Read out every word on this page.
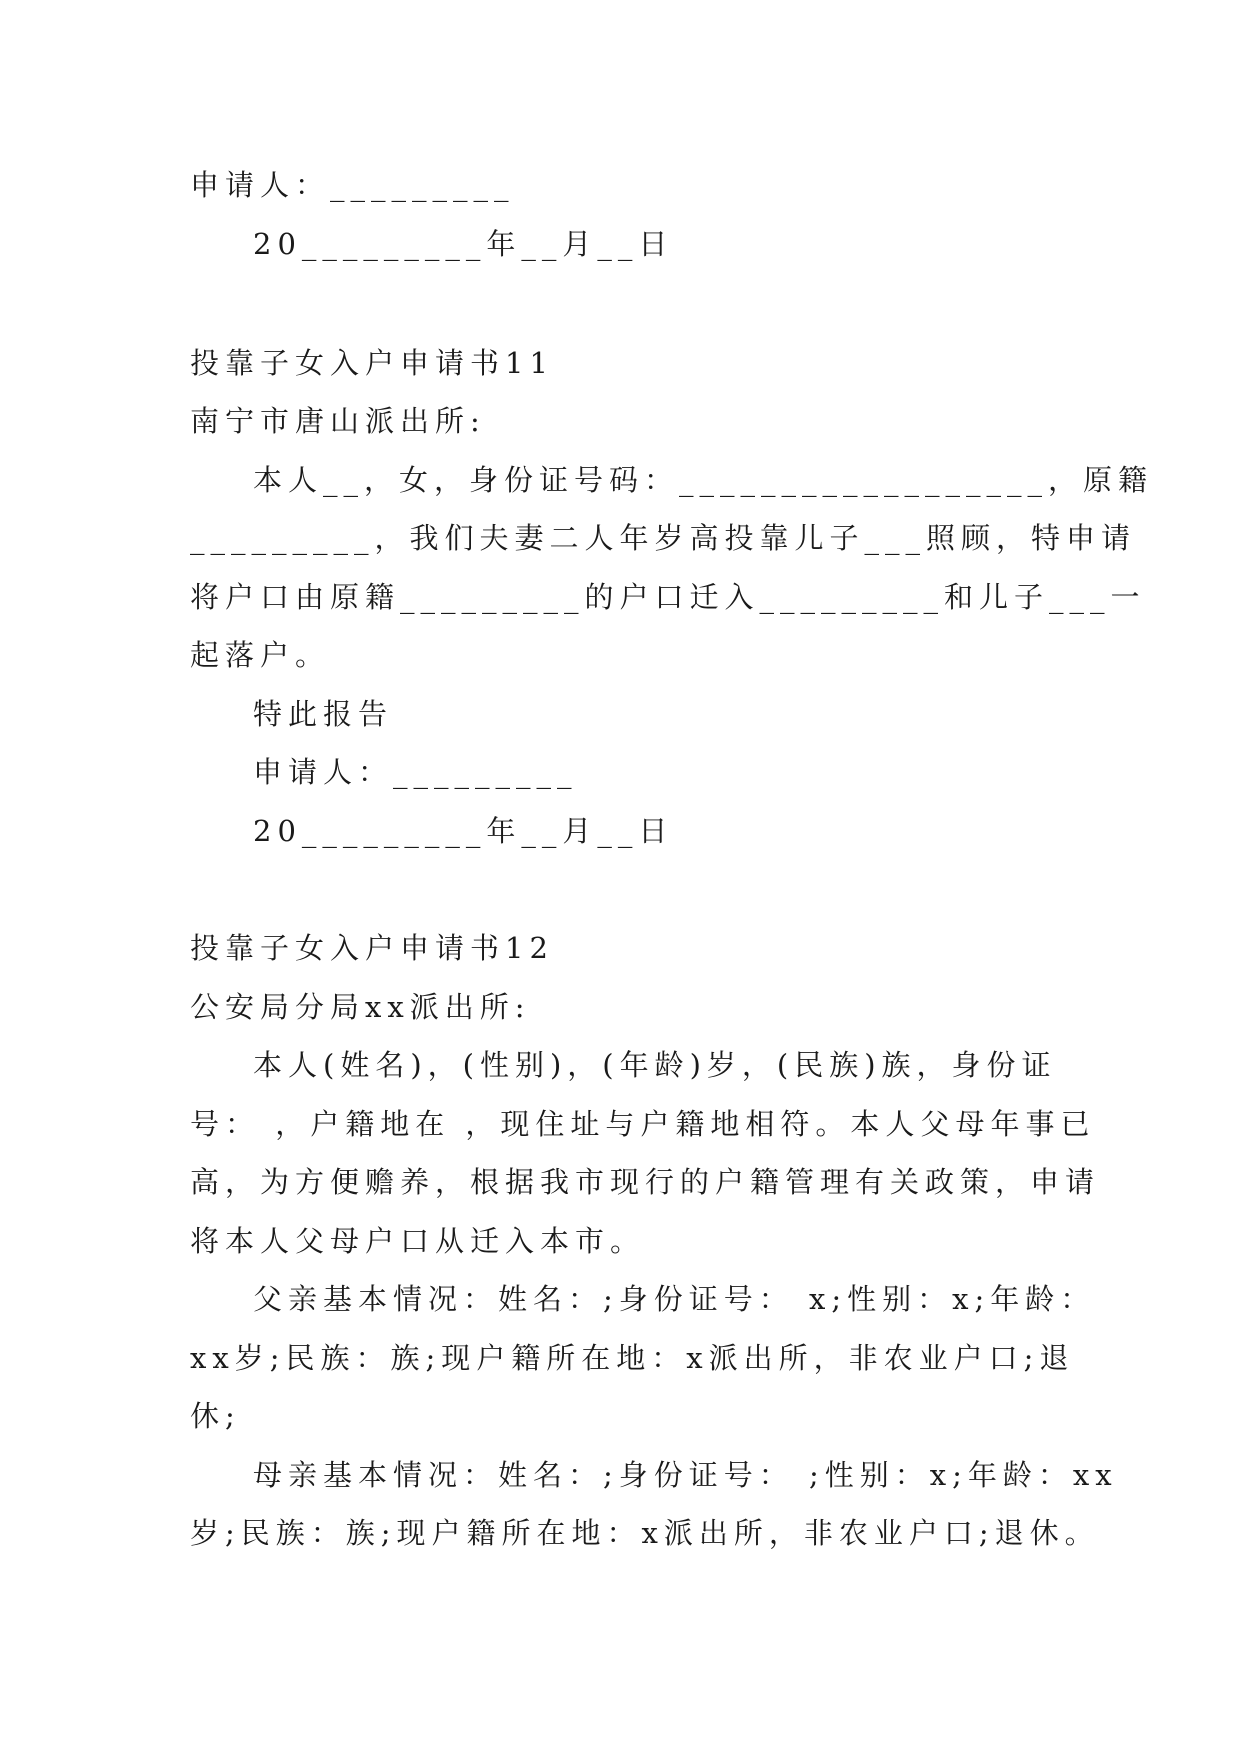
申请人：_________
20_________年__月__日
投靠子女入户申请书11
南宁市唐山派出所:
本人__，女，身份证号码：__________________，原籍
_________，我们夫妻二人年岁高投靠儿子___照顾，特申请
将户口由原籍_________的户口迁入_________和儿子___一
起落户。
特此报告
申请人：_________
20_________年__月__日
投靠子女入户申请书12
公安局分局xx派出所:
本人(姓名)，(性别)，(年龄)岁，(民族)族，身份证
号： ，户籍地在 ，现住址与户籍地相符。本人父母年事已
高，为方便赡养，根据我市现行的户籍管理有关政策，申请
将本人父母户口从迁入本市。
父亲基本情况：姓名：;身份证号： x;性别：x;年龄：
xx岁;民族：族;现户籍所在地：x派出所，非农业户口;退
休;
母亲基本情况：姓名：;身份证号： ;性别：x;年龄：xx
岁;民族：族;现户籍所在地：x派出所，非农业户口;退休。
